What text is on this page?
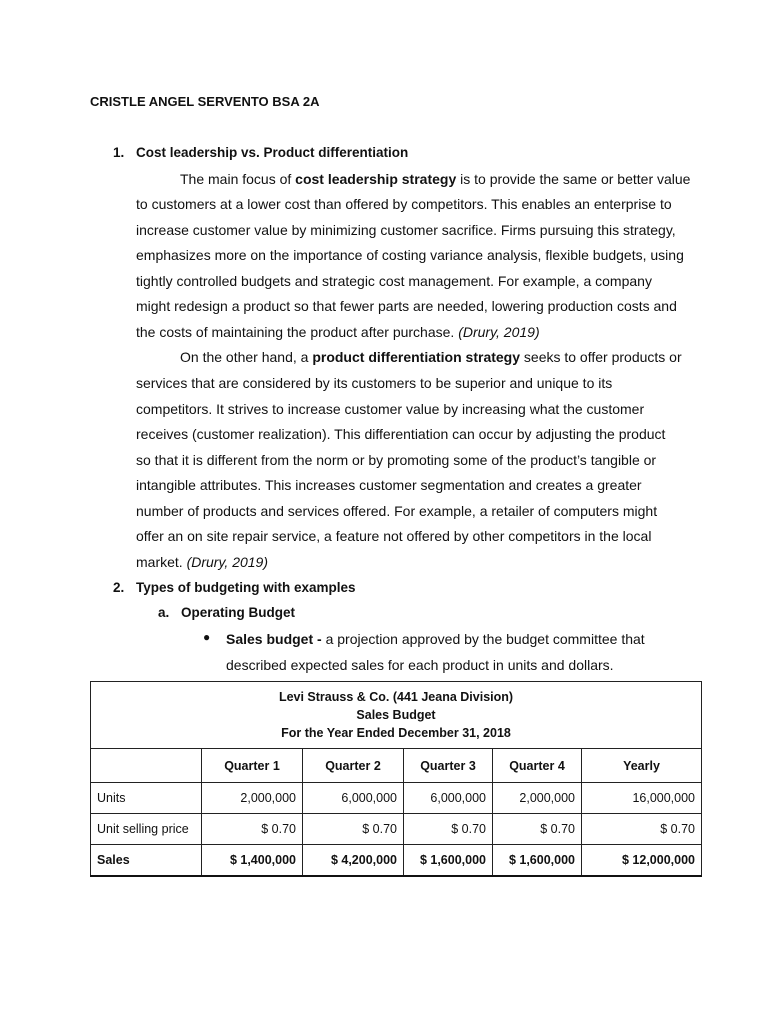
CRISTLE ANGEL SERVENTO BSA 2A
1. Cost leadership vs. Product differentiation
The main focus of cost leadership strategy is to provide the same or better value
to customers at a lower cost than offered by competitors. This enables an enterprise to
increase customer value by minimizing customer sacrifice. Firms pursuing this strategy,
emphasizes more on the importance of costing variance analysis, flexible budgets, using
tightly controlled budgets and strategic cost management. For example, a company
might redesign a product so that fewer parts are needed, lowering production costs and
the costs of maintaining the product after purchase. (Drury, 2019)
On the other hand, a product differentiation strategy seeks to offer products or
services that are considered by its customers to be superior and unique to its
competitors. It strives to increase customer value by increasing what the customer
receives (customer realization). This differentiation can occur by adjusting the product
so that it is different from the norm or by promoting some of the product’s tangible or
intangible attributes. This increases customer segmentation and creates a greater
number of products and services offered. For example, a retailer of computers might
offer an on site repair service, a feature not offered by other competitors in the local
market. (Drury, 2019)
2. Types of budgeting with examples
a. Operating Budget
● Sales budget - a projection approved by the budget committee that
described expected sales for each product in units and dollars.
Levi Strauss & Co. (441 Jeana Division)
Sales Budget
For the Year Ended December 31, 2018					

	Quarter 1	Quarter 2	Quarter 3	Quarter 4	Yearly
Units	2,000,000	6,000,000	6,000,000	2,000,000	16,000,000
Unit selling price	$ 0.70	$ 0.70	$ 0.70	$ 0.70	$ 0.70
Sales	$ 1,400,000	$ 4,200,000	$ 1,600,000	$ 1,600,000	$ 12,000,000
